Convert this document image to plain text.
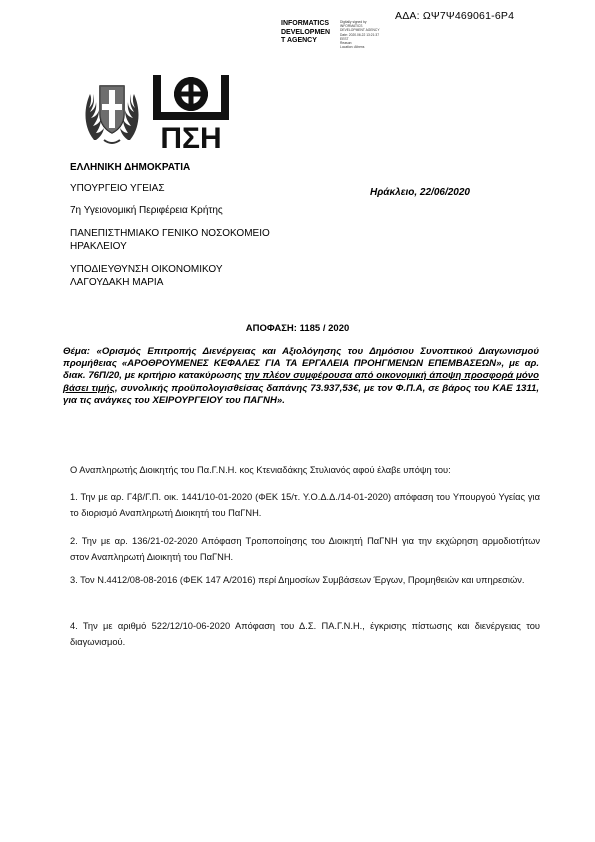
ΑΔΑ: ΩΨ7Ψ469061-6Ρ4
INFORMATICS
DEVELOPMEN
T AGENCY
Digitally signed by
INFORMATICS
DEVELOPMENT AGENCY
Date: 2020.06.22 13:21:37
EEST
Reason:
Location: Athens
ΠΣΗ
ΕΛΛΗΝΙΚΗ ΔΗΜΟΚΡΑΤΙΑ
ΥΠΟΥΡΓΕΙΟ ΥΓΕΙΑΣ
7η Υγειονομική Περιφέρεια Κρήτης
ΠΑΝΕΠΙΣΤΗΜΙΑΚΟ ΓΕΝΙΚΟ ΝΟΣΟΚΟΜΕΙΟ
ΗΡΑΚΛΕΙΟΥ
ΥΠΟΔΙΕΥΘΥΝΣΗ ΟΙΚΟΝΟΜΙΚΟΥ
ΛΑΓΟΥΔΑΚΗ ΜΑΡΙΑ
Ηράκλειο, 22/06/2020
ΑΠΟΦΑΣΗ: 1185 / 2020
Θέμα: «Ορισμός Επιτροπής Διενέργειας και Αξιολόγησης του Δημόσιου Συνοπτικού Διαγωνισμού προμήθειας «ΑΡΟΘΡΟΥΜΕΝΕΣ ΚΕΦΑΛΕΣ ΓΙΑ ΤΑ ΕΡΓΑΛΕΙΑ ΠΡΟΗΓΜΕΝΩΝ ΕΠΕΜΒΑΣΕΩΝ», με αρ. διακ. 76Π/20, με κριτήριο κατακύρωσης την πλέον συμφέρουσα από οικονομική άποψη προσφορά μόνο βάσει τιμής, συνολικής προϋπολογισθείσας δαπάνης 73.937,53€, με τον Φ.Π.Α, σε βάρος του ΚΑΕ 1311, για τις ανάγκες του ΧΕΙΡΟΥΡΓΕΙΟΥ του ΠΑΓΝΗ».
Ο Αναπληρωτής Διοικητής του Πα.Γ.Ν.Η. κος Κτενιαδάκης Στυλιανός αφού έλαβε υπόψη του:
1. Την με αρ. Γ4β/Γ.Π. οικ. 1441/10-01-2020 (ΦΕΚ 15/τ. Υ.Ο.Δ.Δ./14-01-2020) απόφαση του Υπουργού Υγείας για το διορισμό Αναπληρωτή Διοικητή του ΠαΓΝΗ.
2. Την με αρ. 136/21-02-2020 Απόφαση Τροποποίησης του Διοικητή ΠαΓΝΗ για την εκχώρηση αρμοδιοτήτων στον Αναπληρωτή Διοικητή του ΠαΓΝΗ.
3. Τον Ν.4412/08-08-2016 (ΦΕΚ 147 Α/2016) περί Δημοσίων Συμβάσεων Έργων, Προμηθειών και υπηρεσιών.
4. Την με αριθμό 522/12/10-06-2020 Απόφαση του Δ.Σ. ΠΑ.Γ.Ν.Η., έγκρισης πίστωσης και διενέργειας του διαγωνισμού.
